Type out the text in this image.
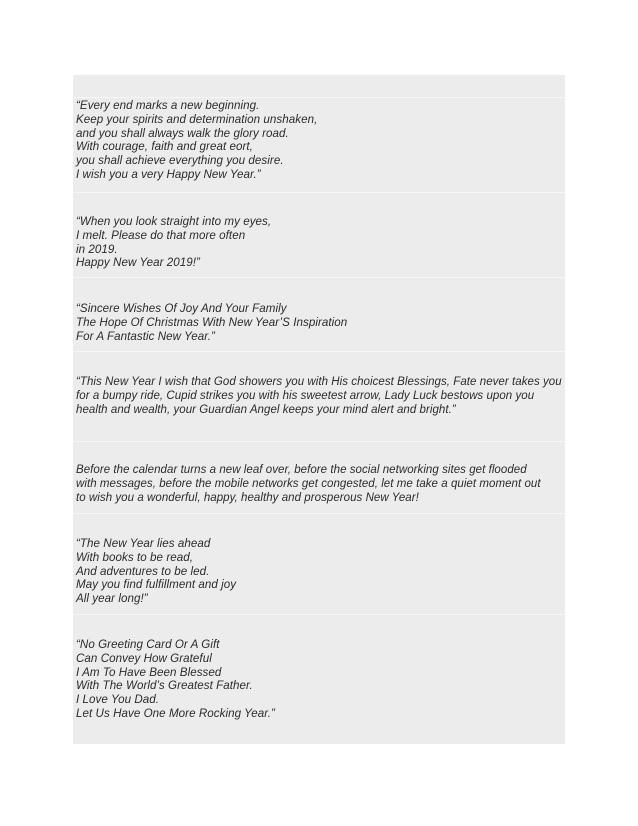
“Every end marks a new beginning.
Keep your spirits and determination unshaken,
and you shall always walk the glory road.
With courage, faith and great eort,
you shall achieve everything you desire.
I wish you a very Happy New Year.”

“When you look straight into my eyes,
I melt. Please do that more often
in 2019.
Happy New Year 2019!”

“Sincere Wishes Of Joy And Your Family
The Hope Of Christmas With New Year’S Inspiration
For A Fantastic New Year.”

“This New Year I wish that God showers you with His choicest Blessings, Fate never takes you
for a bumpy ride, Cupid strikes you with his sweetest arrow, Lady Luck bestows upon you
health and wealth, your Guardian Angel keeps your mind alert and bright.”

Before the calendar turns a new leaf over, before the social networking sites get flooded
with messages, before the mobile networks get congested, let me take a quiet moment out
to wish you a wonderful, happy, healthy and prosperous New Year!

“The New Year lies ahead
With books to be read,
And adventures to be led.
May you find fulfillment and joy
All year long!”

“No Greeting Card Or A Gift
Can Convey How Grateful
I Am To Have Been Blessed
With The World’s Greatest Father.
I Love You Dad.
Let Us Have One More Rocking Year.”
